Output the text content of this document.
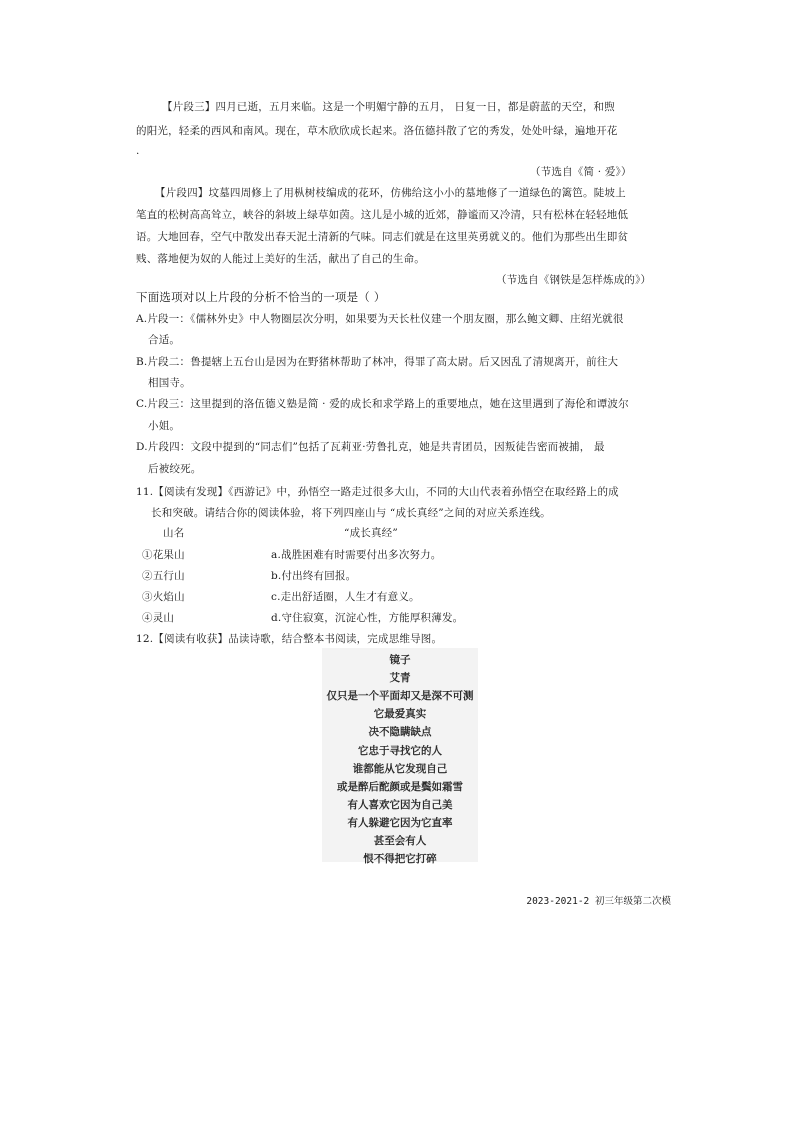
【片段三】四月已逝，五月来临。这是一个明媚宁静的五月， 日复一日，都是蔚蓝的天空，和煦
的阳光，轻柔的西风和南风。现在，草木欣欣成长起来。洛伍德抖散了它的秀发，处处叶绿，遍地开花
.
（节选自《简 · 爱》）
【片段四】坟墓四周修上了用枞树枝编成的花环，仿佛给这小小的墓地修了一道绿色的篱笆。陡坡上
笔直的松树高高耸立，峡谷的斜坡上绿草如茵。这儿是小城的近郊，静谧而又冷清，只有松林在轻轻地低
语。大地回春，空气中散发出春天泥土清新的气味。同志们就是在这里英勇就义的。他们为那些出生即贫
贱、落地便为奴的人能过上美好的生活，献出了自己的生命。
（节选自《钢铁是怎样炼成的》）
下面选项对以上片段的分析不恰当的一项是（ ）
A.片段一：《儒林外史》中人物圈层次分明，如果要为天长杜仪建一个朋友圈，那么鲍文卿、庄绍光就很
合适。
B.片段二：鲁提辖上五台山是因为在野猪林帮助了林冲，得罪了高太尉。后又因乱了清规离开，前往大
相国寺。
C.片段三：这里提到的洛伍德义塾是简 · 爱的成长和求学路上的重要地点，她在这里遇到了海伦和谭波尔
小姐。
D.片段四：文段中提到的“同志们”包括了瓦莉亚·劳鲁扎克，她是共青团员，因叛徒告密而被捕， 最
后被绞死。
11.【阅读有发现】《西游记》中，孙悟空一路走过很多大山，不同的大山代表着孙悟空在取经路上的成
长和突破。请结合你的阅读体验，将下列四座山与 “成长真经”之间的对应关系连线。
山名	“成长真经”
①花果山	a.战胜困难有时需要付出多次努力。
②五行山	b.付出终有回报。
③火焰山	c.走出舒适圈，人生才有意义。
④灵山	d.守住寂寞，沉淀心性，方能厚积薄发。
12.【阅读有收获】品读诗歌，结合整本书阅读，完成思维导图。
镜子
艾青
仅只是一个平面却又是深不可测
它最爱真实
决不隐瞒缺点
它忠于寻找它的人
谁都能从它发现自己
或是醉后酡颜或是鬓如霜雪
有人喜欢它因为自己美
有人躲避它因为它直率
甚至会有人
恨不得把它打碎
2023-2021-2 初三年级第二次模
